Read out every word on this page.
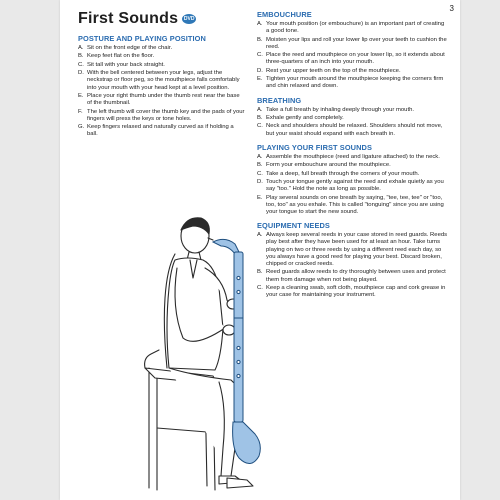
3
First Sounds	DVD
POSTURE AND PLAYING POSITION
A. Sit on the front edge of the chair.
B. Keep feet flat on the floor.
C. Sit tall with your back straight.
D. With the bell centered between your legs, adjust the neckstrap or floor peg, so the mouthpiece falls comfortably into your mouth with your head kept at a level position.
E. Place your right thumb under the thumb rest near the base of the thumbnail.
F. The left thumb will cover the thumb key and the pads of your fingers will press the keys or tone holes.
G. Keep fingers relaxed and naturally curved as if holding a ball.
EMBOUCHURE
A. Your mouth position (or embouchure) is an important part of creating a good tone.
B. Moisten your lips and roll your lower lip over your teeth to cushion the reed.
C. Place the reed and mouthpiece on your lower lip, so it extends about three-quarters of an inch into your mouth.
D. Rest your upper teeth on the top of the mouthpiece.
E. Tighten your mouth around the mouthpiece keeping the corners firm and chin relaxed and down.
BREATHING
A. Take a full breath by inhaling deeply through your mouth.
B. Exhale gently and completely.
C. Neck and shoulders should be relaxed. Shoulders should not move, but your waist should expand with each breath in.
PLAYING YOUR FIRST SOUNDS
A. Assemble the mouthpiece (reed and ligature attached) to the neck.
B. Form your embouchure around the mouthpiece.
C. Take a deep, full breath through the corners of your mouth.
D. Touch your tongue gently against the reed and exhale quietly as you say "too." Hold the note as long as possible.
E. Play several sounds on one breath by saying, "tee, tee, tee" or "too, too, too" as you exhale. This is called "tonguing" since you are using your tongue to start the new sound.
EQUIPMENT NEEDS
A. Always keep several reeds in your case stored in reed guards. Reeds play best after they have been used for at least an hour. Take turns playing on two or three reeds by using a different reed each day, so you always have a good reed for playing your best. Discard broken, chipped or cracked reeds.
B. Reed guards allow reeds to dry thoroughly between uses and protect them from damage when not being played.
C. Keep a cleaning swab, soft cloth, mouthpiece cap and cork grease in your case for maintaining your instrument.
